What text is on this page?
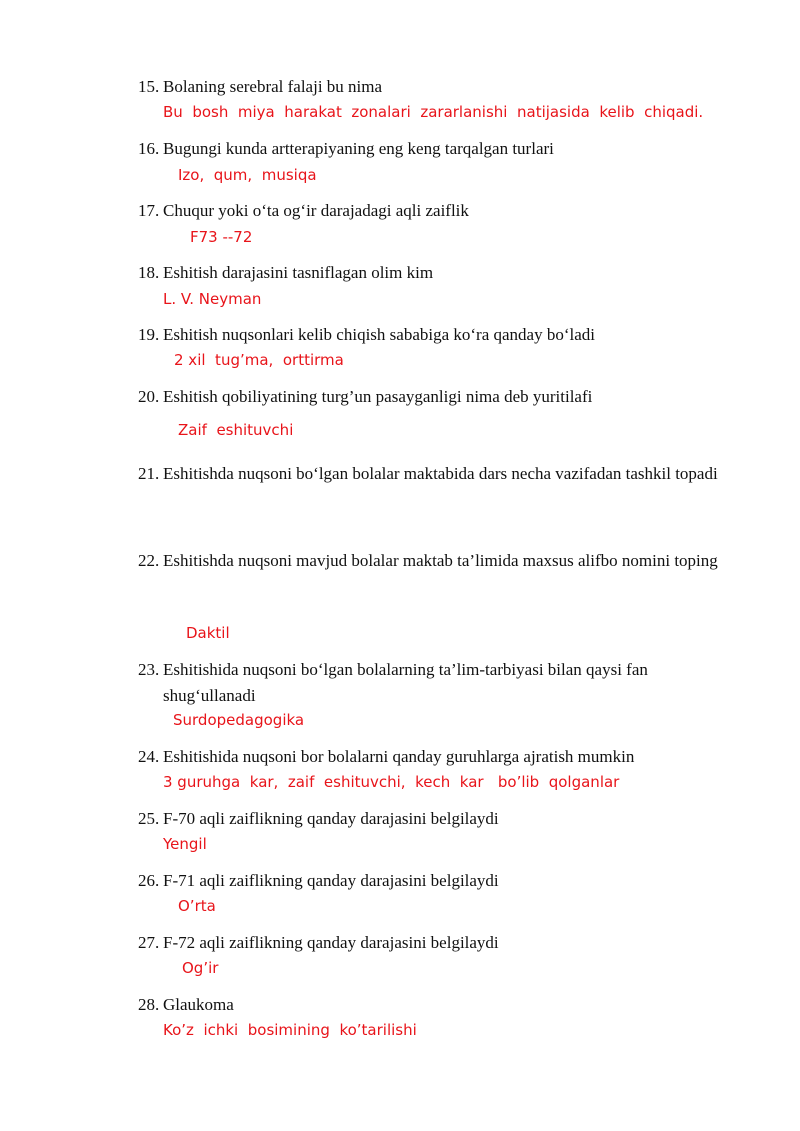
15. Bolaning serebral falaji bu nima
Bu  bosh  miya  harakat  zonalari  zararlanishi  natijasida  kelib  chiqadi.
16. Bugungi kunda artterapiyaning eng keng tarqalgan turlari
Izo,  qum,  musiqa
17. Chuqur yoki o‘ta og‘ir darajadagi aqli zaiflik
F73 --72
18. Eshitish darajasini tasniflagan olim kim
L. V. Neyman
19. Eshitish nuqsonlari kelib chiqish sababiga ko‘ra qanday bo‘ladi
2 xil  tug’ma,  orttirma
20. Eshitish qobiliyatining turg’un pasayganligi nima deb yuritilafi
Zaif  eshituvchi
21. Eshitishda nuqsoni bo‘lgan bolalar maktabida dars necha vazifadan tashkil topadi
22. Eshitishda nuqsoni mavjud bolalar maktab ta’limida maxsus alifbo nomini toping
Daktil
23. Eshitishida nuqsoni bo‘lgan bolalarning ta’lim-tarbiyasi bilan qaysi fan shug‘ullanadi
Surdopedagogika
24. Eshitishida nuqsoni bor bolalarni qanday guruhlarga ajratish mumkin
3 guruhga  kar,  zaif  eshituvchi,  kech  kar   bo’lib  qolganlar
25. F-70 aqli zaiflikning qanday darajasini belgilaydi
Yengil
26. F-71 aqli zaiflikning qanday darajasini belgilaydi
O’rta
27. F-72 aqli zaiflikning qanday darajasini belgilaydi
Og’ir
28. Glaukoma
Ko’z  ichki  bosimining  ko’tarilishi
